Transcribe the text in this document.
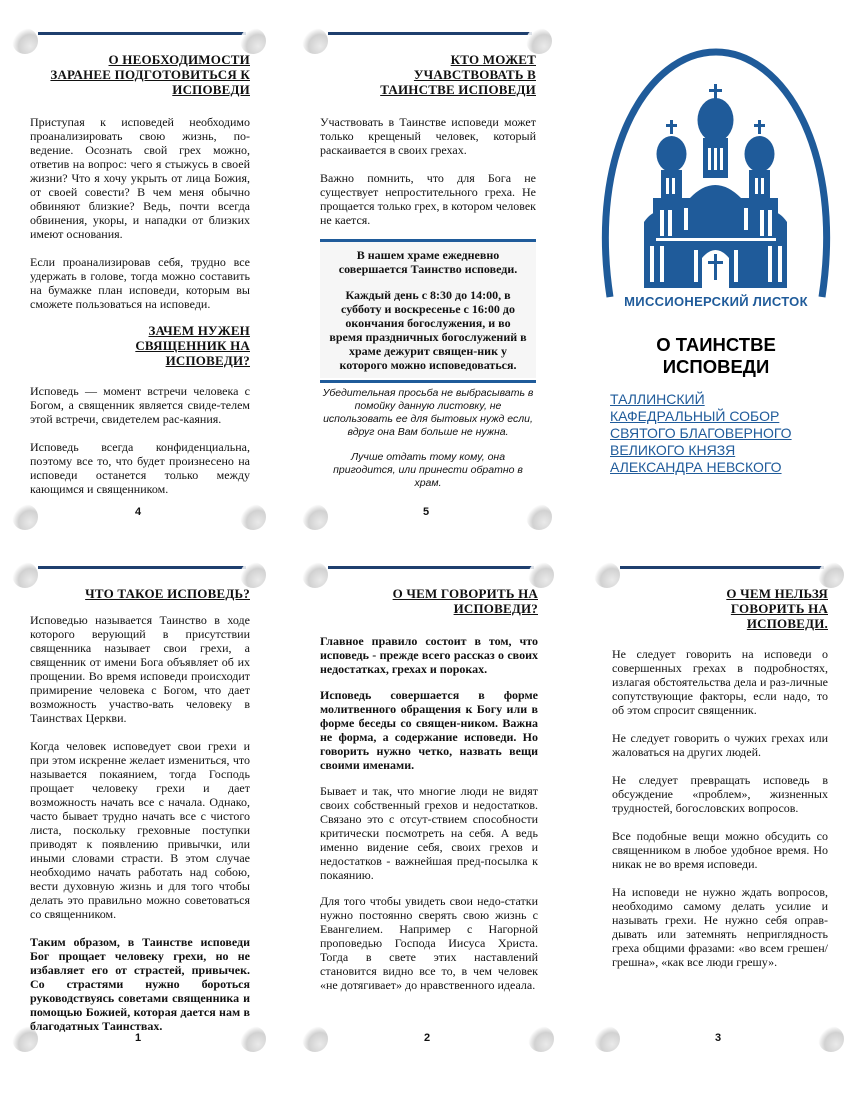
О НЕОБХОДИМОСТИ ЗАРАНЕЕ ПОДГОТОВИТЬСЯ К ИСПОВЕДИ

Приступая к исповедей необходимо проанализировать свою жизнь, по-ведение. Осознать свой грех можно, ответив на вопрос: чего я стыжусь в своей жизни? Что я хочу укрыть от лица Божия, от своей совести? В чем меня обычно обвиняют близкие? Ведь, почти всегда обвинения, укоры, и нападки от близких имеют основания.

Если проанализировав себя, трудно все удержать в голове, тогда можно составить на бумажке план исповеди, которым вы сможете пользоваться на исповеди.

ЗАЧЕМ НУЖЕН СВЯЩЕННИК НА ИСПОВЕДИ?

Исповедь — момент встречи человека с Богом, а священник является свиде-телем этой встречи, свидетелем рас-каяния.

Исповедь всегда конфиденциальна, поэтому все то, что будет произнесено на исповеди останется только между кающимся и священником.

4

КТО МОЖЕТ УЧАВСТВОВАТЬ В ТАИНСТВЕ ИСПОВЕДИ

Участвовать в Таинстве исповеди может только крещеный человек, который раскаивается в своих грехах.

Важно помнить, что для Бога не существует непростительного греха. Не прощается только грех, в котором человек не кается.

В нашем храме ежедневно совершается Таинство исповеди.

Каждый день с 8:30 до 14:00, в субботу и воскресенье с 16:00 до окончания богослужения, и во время праздничных богослужений в храме дежурит священ-ник у которого можно исповедоваться.

Убедительная просьба не выбрасывать в помойку данную листовку, не использовать ее для бытовых нужд если, вдруг она Вам больше не нужна.

Лучше отдать тому кому, она пригодится, или принести обратно в храм.

5
МИССИОНЕРСКИЙ ЛИСТОК
О ТАИНСТВЕ ИСПОВЕДИ
ТАЛЛИНСКИЙ
КАФЕДРАЛЬНЫЙ СОБОР
СВЯТОГО БЛАГОВЕРНОГО
ВЕЛИКОГО КНЯЗЯ
АЛЕКСАНДРА НЕВСКОГО

ЧТО ТАКОЕ ИСПОВЕДЬ?

Исповедью называется Таинство в ходе которого верующий в присутствии священника называет свои грехи, а священник от имени Бога объявляет об их прощении. Во время исповеди происходит примирение человека с Богом, что дает возможность участво-вать человеку в Таинствах Церкви.

Когда человек исповедует свои грехи и при этом искренне желает измениться, что называется покаянием, тогда Господь прощает человеку грехи и дает возможность начать все с начала. Однако, часто бывает трудно начать все с чистого листа, поскольку греховные поступки приводят к появлению привычки, или иными словами страсти. В этом случае необходимо начать работать над собою, вести духовную жизнь и для того чтобы делать это правильно можно советоваться со священником.

Таким образом, в Таинстве исповеди Бог прощает человеку грехи, но не избавляет его от страстей, привычек. Со страстями нужно бороться руководствуясь советами священника и помощью Божией, которая дается нам в благодатных Таинствах.

1

О ЧЕМ ГОВОРИТЬ НА ИСПОВЕДИ?

Главное правило состоит в том, что исповедь - прежде всего рассказ о своих недостатках, грехах и пороках.

Исповедь совершается в форме молитвенного обращения к Богу или в форме беседы со священ-ником. Важна не форма, а содержание исповеди. Но говорить нужно четко, назвать вещи своими именами.

Бывает и так, что многие люди не видят своих собственный грехов и недостатков. Связано это с отсут-ствием способности критически посмотреть на себя. А ведь именно видение себя, своих грехов и недостатков - важнейшая пред-посылка к покаянию.

Для того чтобы увидеть свои недо-статки нужно постоянно сверять свою жизнь с Евангелием. Например с Нагорной проповедью Господа Иисуса Христа. Тогда в свете этих наставлений становится видно все то, в чем человек «не дотягивает» до нравственного идеала.

2

О ЧЕМ НЕЛЬЗЯ ГОВОРИТЬ НА ИСПОВЕДИ.

Не следует говорить на исповеди о совершенных грехах в подробностях, излагая обстоятельства дела и раз-личные сопутствующие факторы, если надо, то об этом спросит священник.

Не следует говорить о чужих грехах или жаловаться на других людей.

Не следует превращать исповедь в обсуждение «проблем», жизненных трудностей, богословских вопросов.

Все подобные вещи можно обсудить со священником в любое удобное время. Но никак не во время исповеди.

На исповеди не нужно ждать вопросов, необходимо самому делать усилие и называть грехи. Не нужно себя оправ-дывать или затемнять неприглядность греха общими фразами: «во всем грешен/грешна», «как все люди грешу».

3
